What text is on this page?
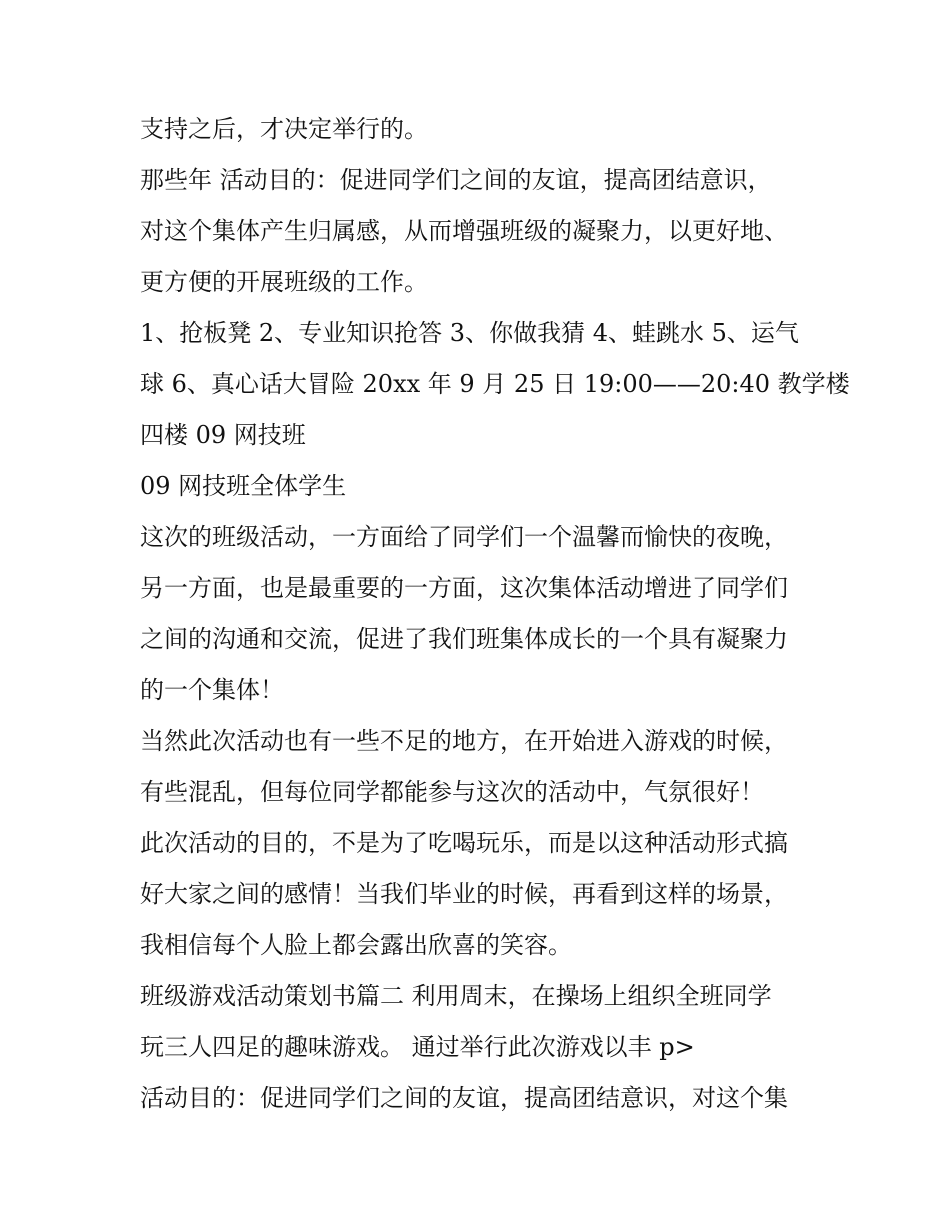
支持之后，才决定举行的。
那些年 活动目的：促进同学们之间的友谊，提高团结意识，
对这个集体产生归属感，从而增强班级的凝聚力，以更好地、
更方便的开展班级的工作。
1、抢板凳 2、专业知识抢答 3、你做我猜 4、蛙跳水 5、运气
球 6、真心话大冒险 20xx 年 9 月 25 日 19:00——20:40 教学楼
四楼 09 网技班
09 网技班全体学生
这次的班级活动，一方面给了同学们一个温馨而愉快的夜晚，
另一方面，也是最重要的一方面，这次集体活动增进了同学们
之间的沟通和交流，促进了我们班集体成长的一个具有凝聚力
的一个集体！
当然此次活动也有一些不足的地方，在开始进入游戏的时候，
有些混乱，但每位同学都能参与这次的活动中，气氛很好！
此次活动的目的，不是为了吃喝玩乐，而是以这种活动形式搞
好大家之间的感情！当我们毕业的时候，再看到这样的场景，
我相信每个人脸上都会露出欣喜的笑容。
班级游戏活动策划书篇二 利用周末，在操场上组织全班同学
玩三人四足的趣味游戏。 通过举行此次游戏以丰 p>
活动目的：促进同学们之间的友谊，提高团结意识，对这个集
